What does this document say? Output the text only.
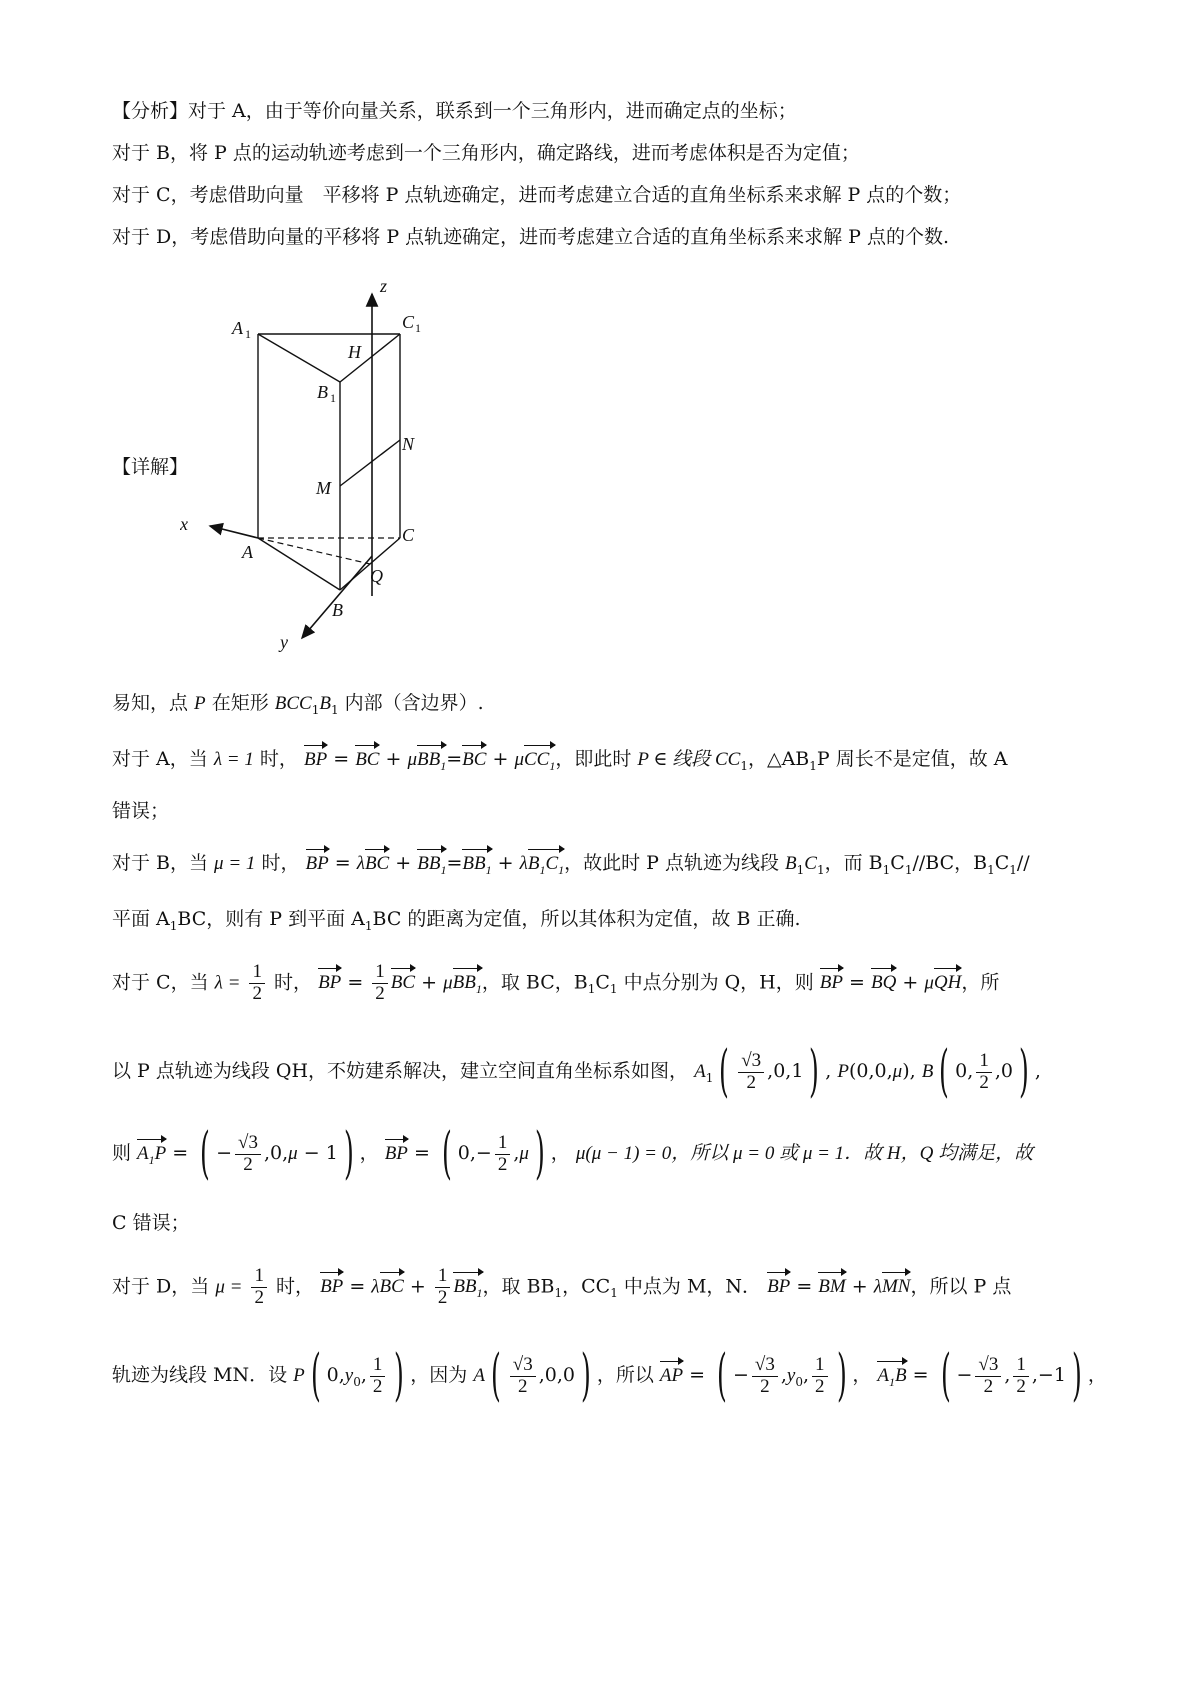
【分析】对于 A，由于等价向量关系，联系到一个三角形内，进而确定点的坐标；
对于 B，将 P 点的运动轨迹考虑到一个三角形内，确定路线，进而考虑体积是否为定值；
对于 C，考虑借助向量　平移将 P 点轨迹确定，进而考虑建立合适的直角坐标系来求解 P 点的个数；
对于 D，考虑借助向量的平移将 P 点轨迹确定，进而考虑建立合适的直角坐标系来求解 P 点的个数.
【详解】
z
x
y
A 1
C 1
B 1
H
N
M
C
A
Q
B
易知，点 P 在矩形 $BCC_1B_1$ 内部（含边界）.
对于 A，当 λ = 1 时， BP = BC + μBB$_1$=BC + μCC$_1$，即此时 P ∈ 线段 $CC_1$，$\triangle AB_1P$ 周长不是定值，故 A
错误；
对于 B，当 μ = 1 时， BP = $\lambda BC + BB_1=BB_1 + \lambda B_1C_1$，故此时 P 点轨迹为线段 $B_1C_1$，而 $B_1C_1//BC$，$B_1C_1//$
平面 $A_1BC$，则有 P 到平面 $A_1BC$ 的距离为定值，所以其体积为定值，故 B 正确.
对于 C，当 $\lambda = \frac{1}{2}$ 时， BP = $\frac{1}{2}$ BC + μBB$_1$，取 BC，$B_1C_1$ 中点分别为 Q，H，则 BP = BQ + μQH，所
以 P 点轨迹为线段 QH，不妨建系解决，建立空间直角坐标系如图， $A_1$ ( $\frac{√3}{2} ,0,1$ ) , P(0,0,μ), B ( 0, $\frac{1}{2} ,0$ ) ,
则 $A_1P$ = ( − $\frac{√3}{2} ,0,\mu - 1$ ) ， BP = ( $0,- \frac{1}{2} ,\mu$ ) ， μ(μ − 1) = 0，所以 μ = 0 或 μ = 1．故 H，Q 均满足，故
C 错误；
对于 D，当 $\mu = \frac{1}{2}$ 时， BP = $\lambda BC + \frac{1}{2} BB_1$，取 $BB_1$，$CC_1$ 中点为 M，N． BP = BM + λMN，所以 P 点
轨迹为线段 MN．设 P ( $0,y_0$, $\frac{1}{2}$ ) ，因为 A ( $\frac{√3}{2} ,0,0$ ) ，所以 AP = ( − $\frac{√3}{2} ,y_0$, $\frac{1}{2}$ ) ， $A_1B$ = ( − $\frac{√3}{2}$ , $\frac{1}{2} ,-1$ ) ，
